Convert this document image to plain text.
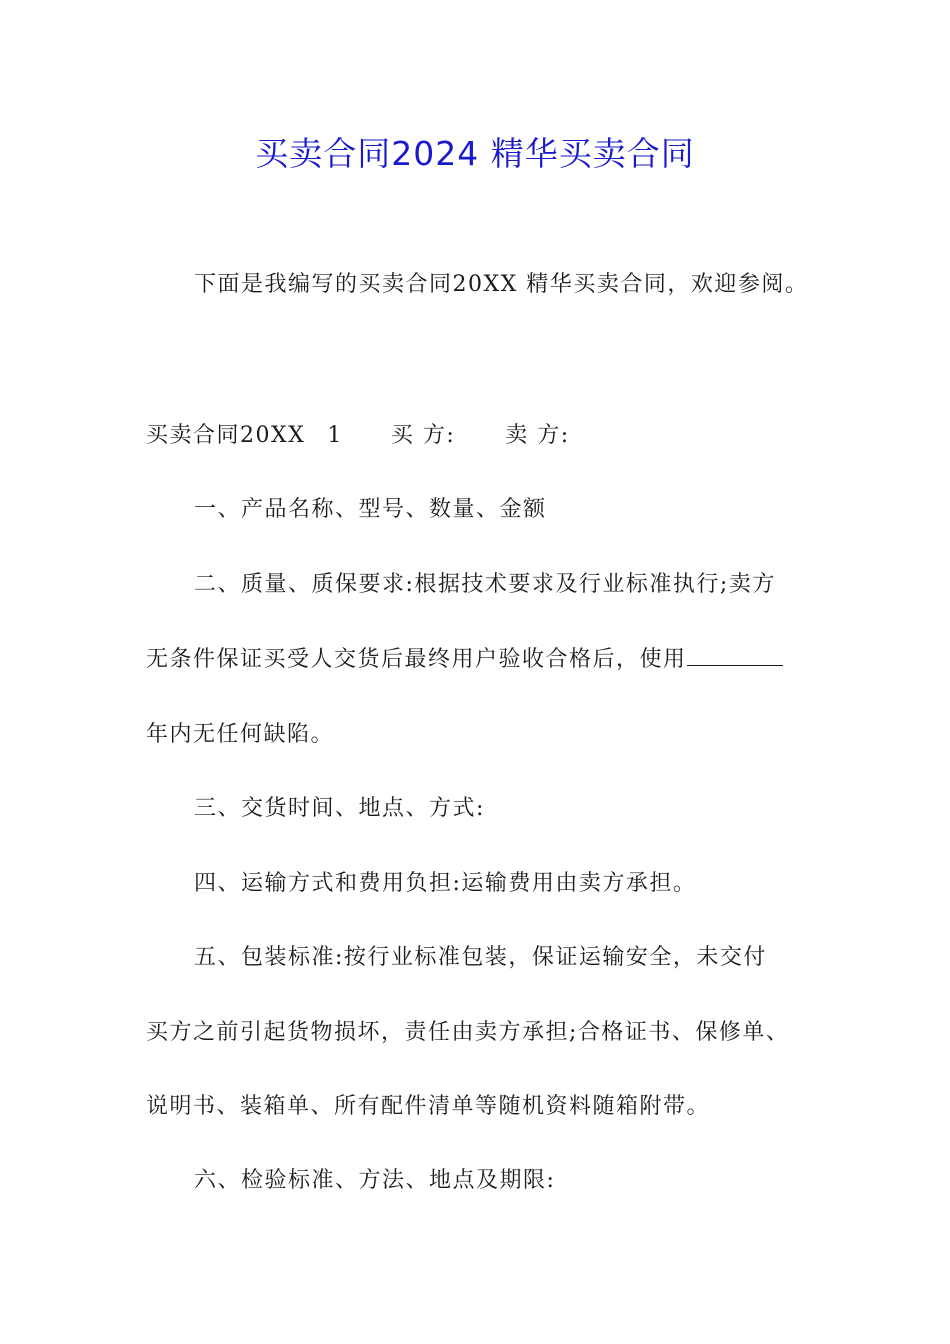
买卖合同2024 精华买卖合同
下面是我编写的买卖合同20XX 精华买卖合同，欢迎参阅。
买卖合同20XX 1 买 方: 卖 方:
一、产品名称、型号、数量、金额
二、质量、质保要求:根据技术要求及行业标准执行;卖方
无条件保证买受人交货后最终用户验收合格后，使用
年内无任何缺陷。
三、交货时间、地点、方式:
四、运输方式和费用负担:运输费用由卖方承担。
五、包装标准:按行业标准包装，保证运输安全，未交付
买方之前引起货物损坏，责任由卖方承担;合格证书、保修单、
说明书、装箱单、所有配件清单等随机资料随箱附带。
六、检验标准、方法、地点及期限:
